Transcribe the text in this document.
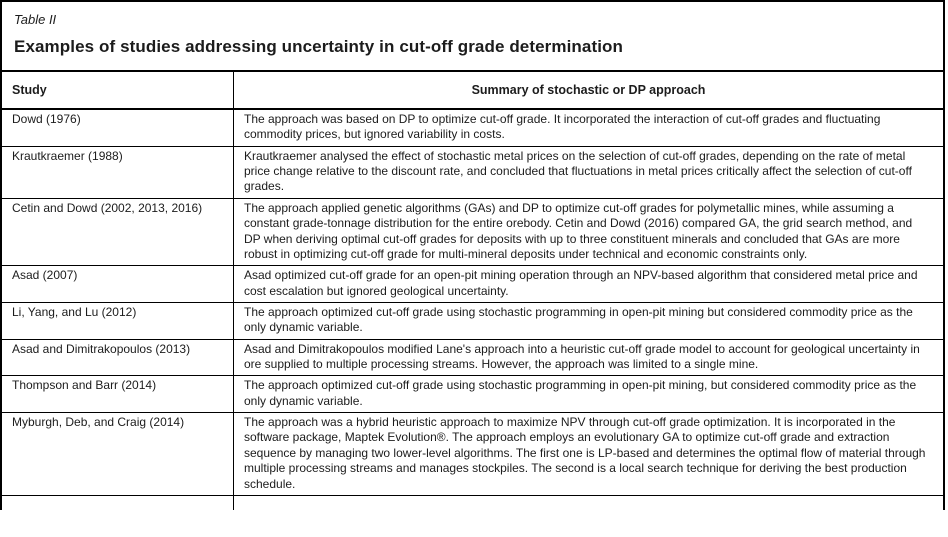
Table II
Examples of studies addressing uncertainty in cut-off grade determination
Study	Summary of stochastic or DP approach
Dowd (1976)	The approach was based on DP to optimize cut-off grade. It incorporated the interaction of cut-off grades and fluctuating commodity prices, but ignored variability in costs.
Krautkraemer (1988)	Krautkraemer analysed the effect of stochastic metal prices on the selection of cut-off grades, depending on the rate of metal price change relative to the discount rate, and concluded that fluctuations in metal prices critically affect the selection of cut-off grades.
Cetin and Dowd (2002, 2013, 2016)	The approach applied genetic algorithms (GAs) and DP to optimize cut-off grades for polymetallic mines, while assuming a constant grade-tonnage distribution for the entire orebody. Cetin and Dowd (2016) compared GA, the grid search method, and DP when deriving optimal cut-off grades for deposits with up to three constituent minerals and concluded that GAs are more robust in optimizing cut-off grade for multi-mineral deposits under technical and economic constraints only.
Asad (2007)	Asad optimized cut-off grade for an open-pit mining operation through an NPV-based algorithm that considered metal price and cost escalation but ignored geological uncertainty.
Li, Yang, and Lu (2012)	The approach optimized cut-off grade using stochastic programming in open-pit mining but considered commodity price as the only dynamic variable.
Asad and Dimitrakopoulos (2013)	Asad and Dimitrakopoulos modified Lane's approach into a heuristic cut-off grade model to account for geological uncertainty in ore supplied to multiple processing streams. However, the approach was limited to a single mine.
Thompson and Barr (2014)	The approach optimized cut-off grade using stochastic programming in open-pit mining, but considered commodity price as the only dynamic variable.
Myburgh, Deb, and Craig (2014)	The approach was a hybrid heuristic approach to maximize NPV through cut-off grade optimization. It is incorporated in the software package, Maptek Evolution®. The approach employs an evolutionary GA to optimize cut-off grade and extraction sequence by managing two lower-level algorithms. The first one is LP-based and determines the optimal flow of material through multiple processing streams and manages stockpiles. The second is a local search technique for deriving the best production schedule.
